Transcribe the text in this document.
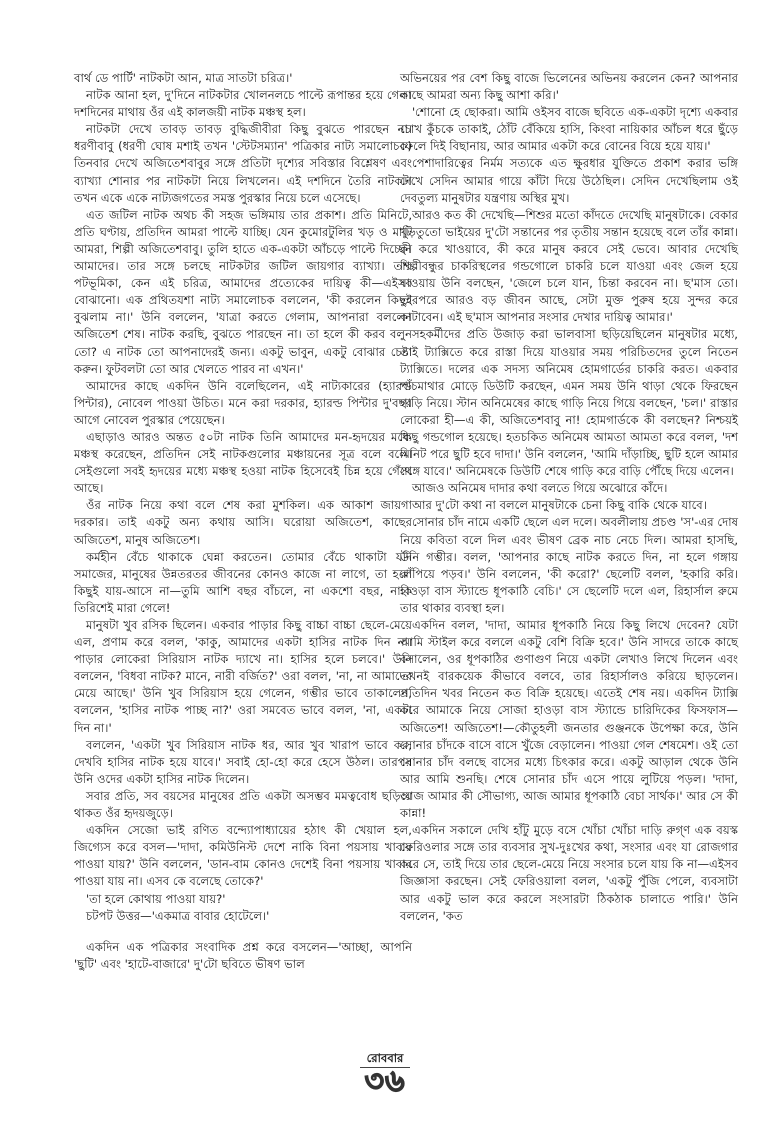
বার্থ ডে পার্টি' নাটকটা আন, মাত্র সাতটা চরিত্র।'

নাটক আনা হল, দু'দিনে নাটকটার খোলনলচে পাল্টে রূপান্তর হয়ে গেল। দশদিনের মাথায় ওঁর এই কালজয়ী নাটক মঞ্চস্থ হল।

নাটকটা দেখে তাবড় তাবড় বুদ্ধিজীবীরা কিছু বুঝতে পারছেন না। ধরণীবাবু (ধরণী ঘোষ মশাই তখন 'স্টেটসম্যান' পত্রিকার নাট্য সমালোচক) তিনবার দেখে অজিতেশবাবুর সঙ্গে প্রতিটা দৃশ্যের সবিস্তার বিশ্লেষণ এবং ব্যাখ্যা শোনার পর নাটকটা নিয়ে লিখলেন। এই দশদিনে তৈরি নাটকটা তখন একে একে নাট্যজগতের সমস্ত পুরস্কার নিয়ে চলে এসেছে।

এত জটিল নাটক অথচ কী সহজ ভঙ্গিমায় তার প্রকাশ। প্রতি মিনিটে, প্রতি ঘণ্টায়, প্রতিদিন আমরা পাল্টে যাচ্ছি। যেন কুমোরটুলির খড় ও মাটি আমরা, শিল্পী অজিতেশবাবু। তুলি হাতে এক-একটা আঁচড়ে পাল্টে দিচ্ছেন আমাদের। তার সঙ্গে চলছে নাটকটার জটিল জায়গার ব্যাখ্যা। তার পটভূমিকা, কেন এই চরিত্র, আমাদের প্রত্যেকের দায়িত্ব কী—এইসব বোঝানো। এক প্রথিতযশা নাট্য সমালোচক বললেন, 'কী করলেন কিছুই বুঝলাম না।' উনি বললেন, 'যাত্রা করতে গেলাম, আপনারা বললেন অজিতেশ শেষ। নাটক করছি, বুঝতে পারছেন না। তা হলে কী করব বলুন তো? এ নাটক তো আপনাদেরই জন্য। একটু ভাবুন, একটু বোঝার চেষ্টা করুন। ফুটবলটা তো আর খেলতে পারব না এখন।'

আমাদের কাছে একদিন উনি বলেছিলেন, এই নাট্যকারের (হ্যারল্ড পিন্টার), নোবেল পাওয়া উচিত। মনে করা দরকার, হ্যারল্ড পিন্টার দু'বছর আগে নোবেল পুরস্কার পেয়েছেন।

এছাড়াও আরও অন্তত ৫০টা নাটক তিনি আমাদের মন-হৃদয়ের মধ্যে মঞ্চস্থ করেছেন, প্রতিদিন সেই নাটকগুলোর মঞ্চায়নের সূত্র বলে বলে। সেইগুলো সবই হৃদয়ের মধ্যে মঞ্চস্থ হওয়া নাটক হিসেবেই চিন্ন হয়ে গেঁথে আছে।

ওঁর নাটক নিয়ে কথা বলে শেষ করা মুশকিল। এক আকাশ জায়গা দরকার। তাই একটু অন্য কথায় আসি। ঘরোয়া অজিতেশ, কাছের অজিতেশ, মানুষ অজিতেশ।

কর্মহীন বেঁচে থাকাকে ঘেন্না করতেন। তোমার বেঁচে থাকাটা যদি সমাজের, মানুষের উন্নতরতর জীবনের কোনও কাজে না লাগে, তা হলে কিছুই যায়-আসে না—তুমি আশি বছর বাঁচলে, না একশো বছর, নাকি তিরিশেই মারা গেলে!

মানুষটা খুব রসিক ছিলেন। একবার পাড়ার কিছু বাচ্চা বাচ্চা ছেলে-মেয়ে এল, প্রণাম করে বলল, 'কাকু, আমাদের একটা হাসির নাটক দিন না। পাড়ার লোকেরা সিরিয়াস নাটক দ্যাখে না। হাসির হলে চলবে।' উনি বললেন, 'বিধবা নাটক? মানে, নারী বর্জিত?' ওরা বলল, 'না, না আমাদের মেয়ে আছে।' উনি খুব সিরিয়াস হয়ে গেলেন, গম্ভীর ভাবে তাকালেন, বললেন, 'হাসির নাটক পাচ্ছ না?' ওরা সমবেত ভাবে বলল, 'না, একটা দিন না।'

বললেন, 'একটা খুব সিরিয়াস নাটক ধর, আর খুব খারাপ ভাবে কর, দেখবি হাসির নাটক হয়ে যাবে।' সবাই হো-হো করে হেসে উঠল। তারপর উনি ওদের একটা হাসির নাটক দিলেন।

সবার প্রতি, সব বয়সের মানুষের প্রতি একটা অসম্ভব মমত্ববোধ ছড়িয়ে থাকত ওঁর হৃদয়জুড়ে।

একদিন সেজো ভাই রণিত বন্দ্যোপাধ্যায়ের হঠাৎ কী খেয়াল হল, জিগ্যেস করে বসল—'দাদা, কমিউনিস্ট দেশে নাকি বিনা পয়সায় খাবার পাওয়া যায়?' উনি বললেন, 'ডান-বাম কোনও দেশেই বিনা পয়সায় খাবার পাওয়া যায় না। এসব কে বলেছে তোকে?'

'তা হলে কোথায় পাওয়া যায়?'

চটপট উত্তর—'একমাত্র বাবার হোটেলে।'

একদিন এক পত্রিকার সংবাদিক প্রশ্ন করে বসলেন—'আচ্ছা, আপনি 'ছুটি' এবং 'হাটে-বাজারে' দু'টো ছবিতে ভীষণ ভাল

অভিনয়ের পর বেশ কিছু বাজে ভিলেনের অভিনয় করলেন কেন? আপনার কাছে আমরা অন্য কিছু আশা করি।'

'শোনো হে ছোকরা। আমি ওইসব বাজে ছবিতে এক-একটা দৃশ্যে একবার চোখ কুঁচকে তাকাই, ঠোঁট বেঁকিয়ে হাসি, কিংবা নায়িকার আঁচল ধরে ছুঁড়ে ফেলে দিই বিছানায়, আর আমার একটা করে বোনের বিয়ে হয়ে যায়।'

পেশাদারিত্বের নির্মম সত্যকে এত ক্ষুরধার যুক্তিতে প্রকাশ করার ভঙ্গি দেখে সেদিন আমার গায়ে কাঁটা দিয়ে উঠেছিল। সেদিন দেখেছিলাম ওই দেবতুল্য মানুষটার যন্ত্রণায় অস্থির মুখ।

আরও কত কী দেখেছি—শিশুর মতো কাঁদতে দেখেছি মানুষটাকে। বেকার খুড়তুতো ভাইয়ের দু'টো সন্তানের পর তৃতীয় সন্তান হয়েছে বলে তাঁর কান্না। কী করে খাওয়াবে, কী করে মানুষ করবে সেই ভেবে। আবার দেখেছি শিল্পীবন্ধুর চাকরিস্থলের গন্ডগোলে চাকরি চলে যাওয়া এবং জেল হয়ে যাওয়ায় উনি বলছেন, 'জেলে চলে যান, চিন্তা করবেন না। ছ'মাস তো। তারপরে আরও বড় জীবন আছে, সেটা মুক্ত পুরুষ হয়ে সুন্দর করে কাটাবেন। এই ছ'মাস আপনার সংসার দেখার দায়িত্ব আমার।'

সহকর্মীদের প্রতি উজাড় করা ভালবাসা ছড়িয়েছিলেন মানুষটার মধ্যে, তাই ট্যাক্সিতে করে রাস্তা দিয়ে যাওয়ার সময় পরিচিতদের তুলে নিতেন ট্যাক্সিতে। দলের এক সদস্য অনিমেষ হোমগার্ডের চাকরি করত। একবার পাঁচমাথার মোড়ে ডিউটি করছেন, এমন সময় উনি থাড়া থেকে ফিরছেন গাড়ি নিয়ে। স্টান অনিমেষের কাছে গাড়ি নিয়ে গিয়ে বলছেন, 'চল।' রাস্তার লোকেরা হী—এ কী, অজিতেশবাবু না! হোমগার্ডকে কী বলছেন? নিশ্চয়ই কিছু গন্ডগোল হয়েছে। হতচকিত অনিমেষ আমতা আমতা করে বলল, 'দশ মিনিট পরে ছুটি হবে দাদা।' উনি বললেন, 'আমি দাঁড়াচ্ছি, ছুটি হলে আমার সঙ্গে যাবে।' অনিমেষকে ডিউটি শেষে গাড়ি করে বাড়ি পৌঁছে দিয়ে এলেন।

আজও অনিমেষ দাদার কথা বলতে গিয়ে অঝোরে কাঁদে।

আর দু'টো কথা না বললে মানুষটাকে চেনা কিছু বাকি থেকে যাবে।

সোনার চাঁদ নামে একটি ছেলে এল দলে। অবলীলায় প্রচণ্ড 'স'-এর দোষ নিয়ে কবিতা বলে দিল এবং ভীষণ ব্রেক নাচ নেচে দিল। আমরা হাসছি, উনি গম্ভীর। বলল, 'আপনার কাছে নাটক করতে দিন, না হলে গঙ্গায় ঝাঁপিয়ে পড়ব।' উনি বললেন, 'কী করো?' ছেলেটি বলল, 'হকারি করি। হাওড়া বাস স্ট্যান্ডে ধূপকাঠি বেচি।' সে ছেলেটি দলে এল, রিহার্সাল রুমে তার থাকার ব্যবস্থা হল।

একদিন বলল, 'দাদা, আমার ধূপকাঠি নিয়ে কিছু লিখে দেবেন? যেটা আমি স্টাইল করে বললে একটু বেশি বিক্রি হবে।' উনি সাদরে তাকে কাছে বসালেন, ওর ধূপকাঠির গুণাগুণ নিয়ে একটা লেখাও লিখে দিলেন এবং তখনই বারকয়েক কীভাবে বলবে, তার রিহার্সালও করিয়ে ছাড়লেন। প্রতিদিন খবর নিতেন কত বিক্রি হয়েছে। এতেই শেষ নয়। একদিন ট্যাক্সি করে আমাকে নিয়ে সোজা হাওড়া বাস স্ট্যান্ডে চারিদিকের ফিসফাস—অজিতেশ! অজিতেশ!—কৌতুহলী জনতার গুঞ্জনকে উপেক্ষা করে, উনি সোনার চাঁদকে বাসে বাসে খুঁজে বেড়ালেন। পাওয়া গেল শেষমেশ। ওই তো সোনার চাঁদ বলছে বাসের মধ্যে চিৎকার করে। একটু আড়াল থেকে উনি আর আমি শুনছি। শেষে সোনার চাঁদ এসে পায়ে লুটিয়ে পড়ল। 'দাদা, আজ আমার কী সৌভাগ্য, আজ আমার ধূপকাঠি বেচা সার্থক।' আর সে কী কান্না!

একদিন সকালে দেখি হাঁটু মুড়ে বসে খোঁচা খোঁচা দাড়ি রুগ্ণ এক বয়স্ক ফেরিওলার সঙ্গে তার ব্যবসার সুখ-দুঃখের কথা, সংসার এবং যা রোজগার করে সে, তাই দিয়ে তার ছেলে-মেয়ে নিয়ে সংসার চলে যায় কি না—এইসব জিজ্ঞাসা করছেন। সেই ফেরিওয়ালা বলল, 'একটু পুঁজি পেলে, ব্যবসাটা আর একটু ভাল করে করলে সংসারটা ঠিকঠাক চালাতে পারি।' উনি বললেন, 'কত

রোববার
৩৬
